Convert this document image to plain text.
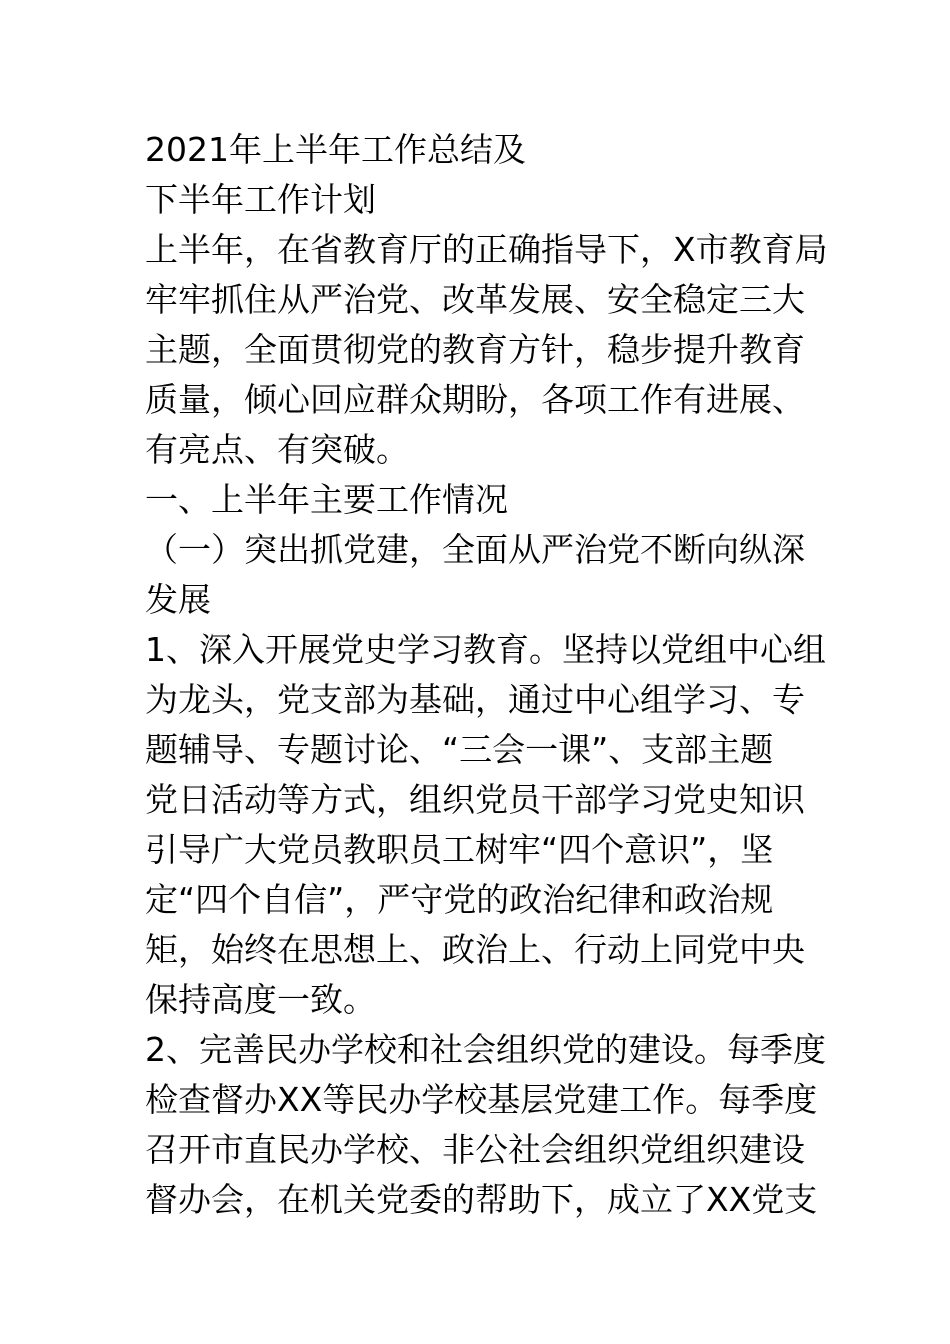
2021年上半年工作总结及
下半年工作计划
上半年，在省教育厅的正确指导下，X市教育局
牢牢抓住从严治党、改革发展、安全稳定三大
主题，全面贯彻党的教育方针，稳步提升教育
质量，倾心回应群众期盼，各项工作有进展、
有亮点、有突破。
一、上半年主要工作情况
（一）突出抓党建，全面从严治党不断向纵深
发展
1、深入开展党史学习教育。坚持以党组中心组
为龙头，党支部为基础，通过中心组学习、专
题辅导、专题讨论、“三会一课”、支部主题
党日活动等方式，组织党员干部学习党史知识
引导广大党员教职员工树牢“四个意识”，坚
定“四个自信”，严守党的政治纪律和政治规
矩，始终在思想上、政治上、行动上同党中央
保持高度一致。
2、完善民办学校和社会组织党的建设。每季度
检查督办XX等民办学校基层党建工作。每季度
召开市直民办学校、非公社会组织党组织建设
督办会，在机关党委的帮助下，成立了XX党支
